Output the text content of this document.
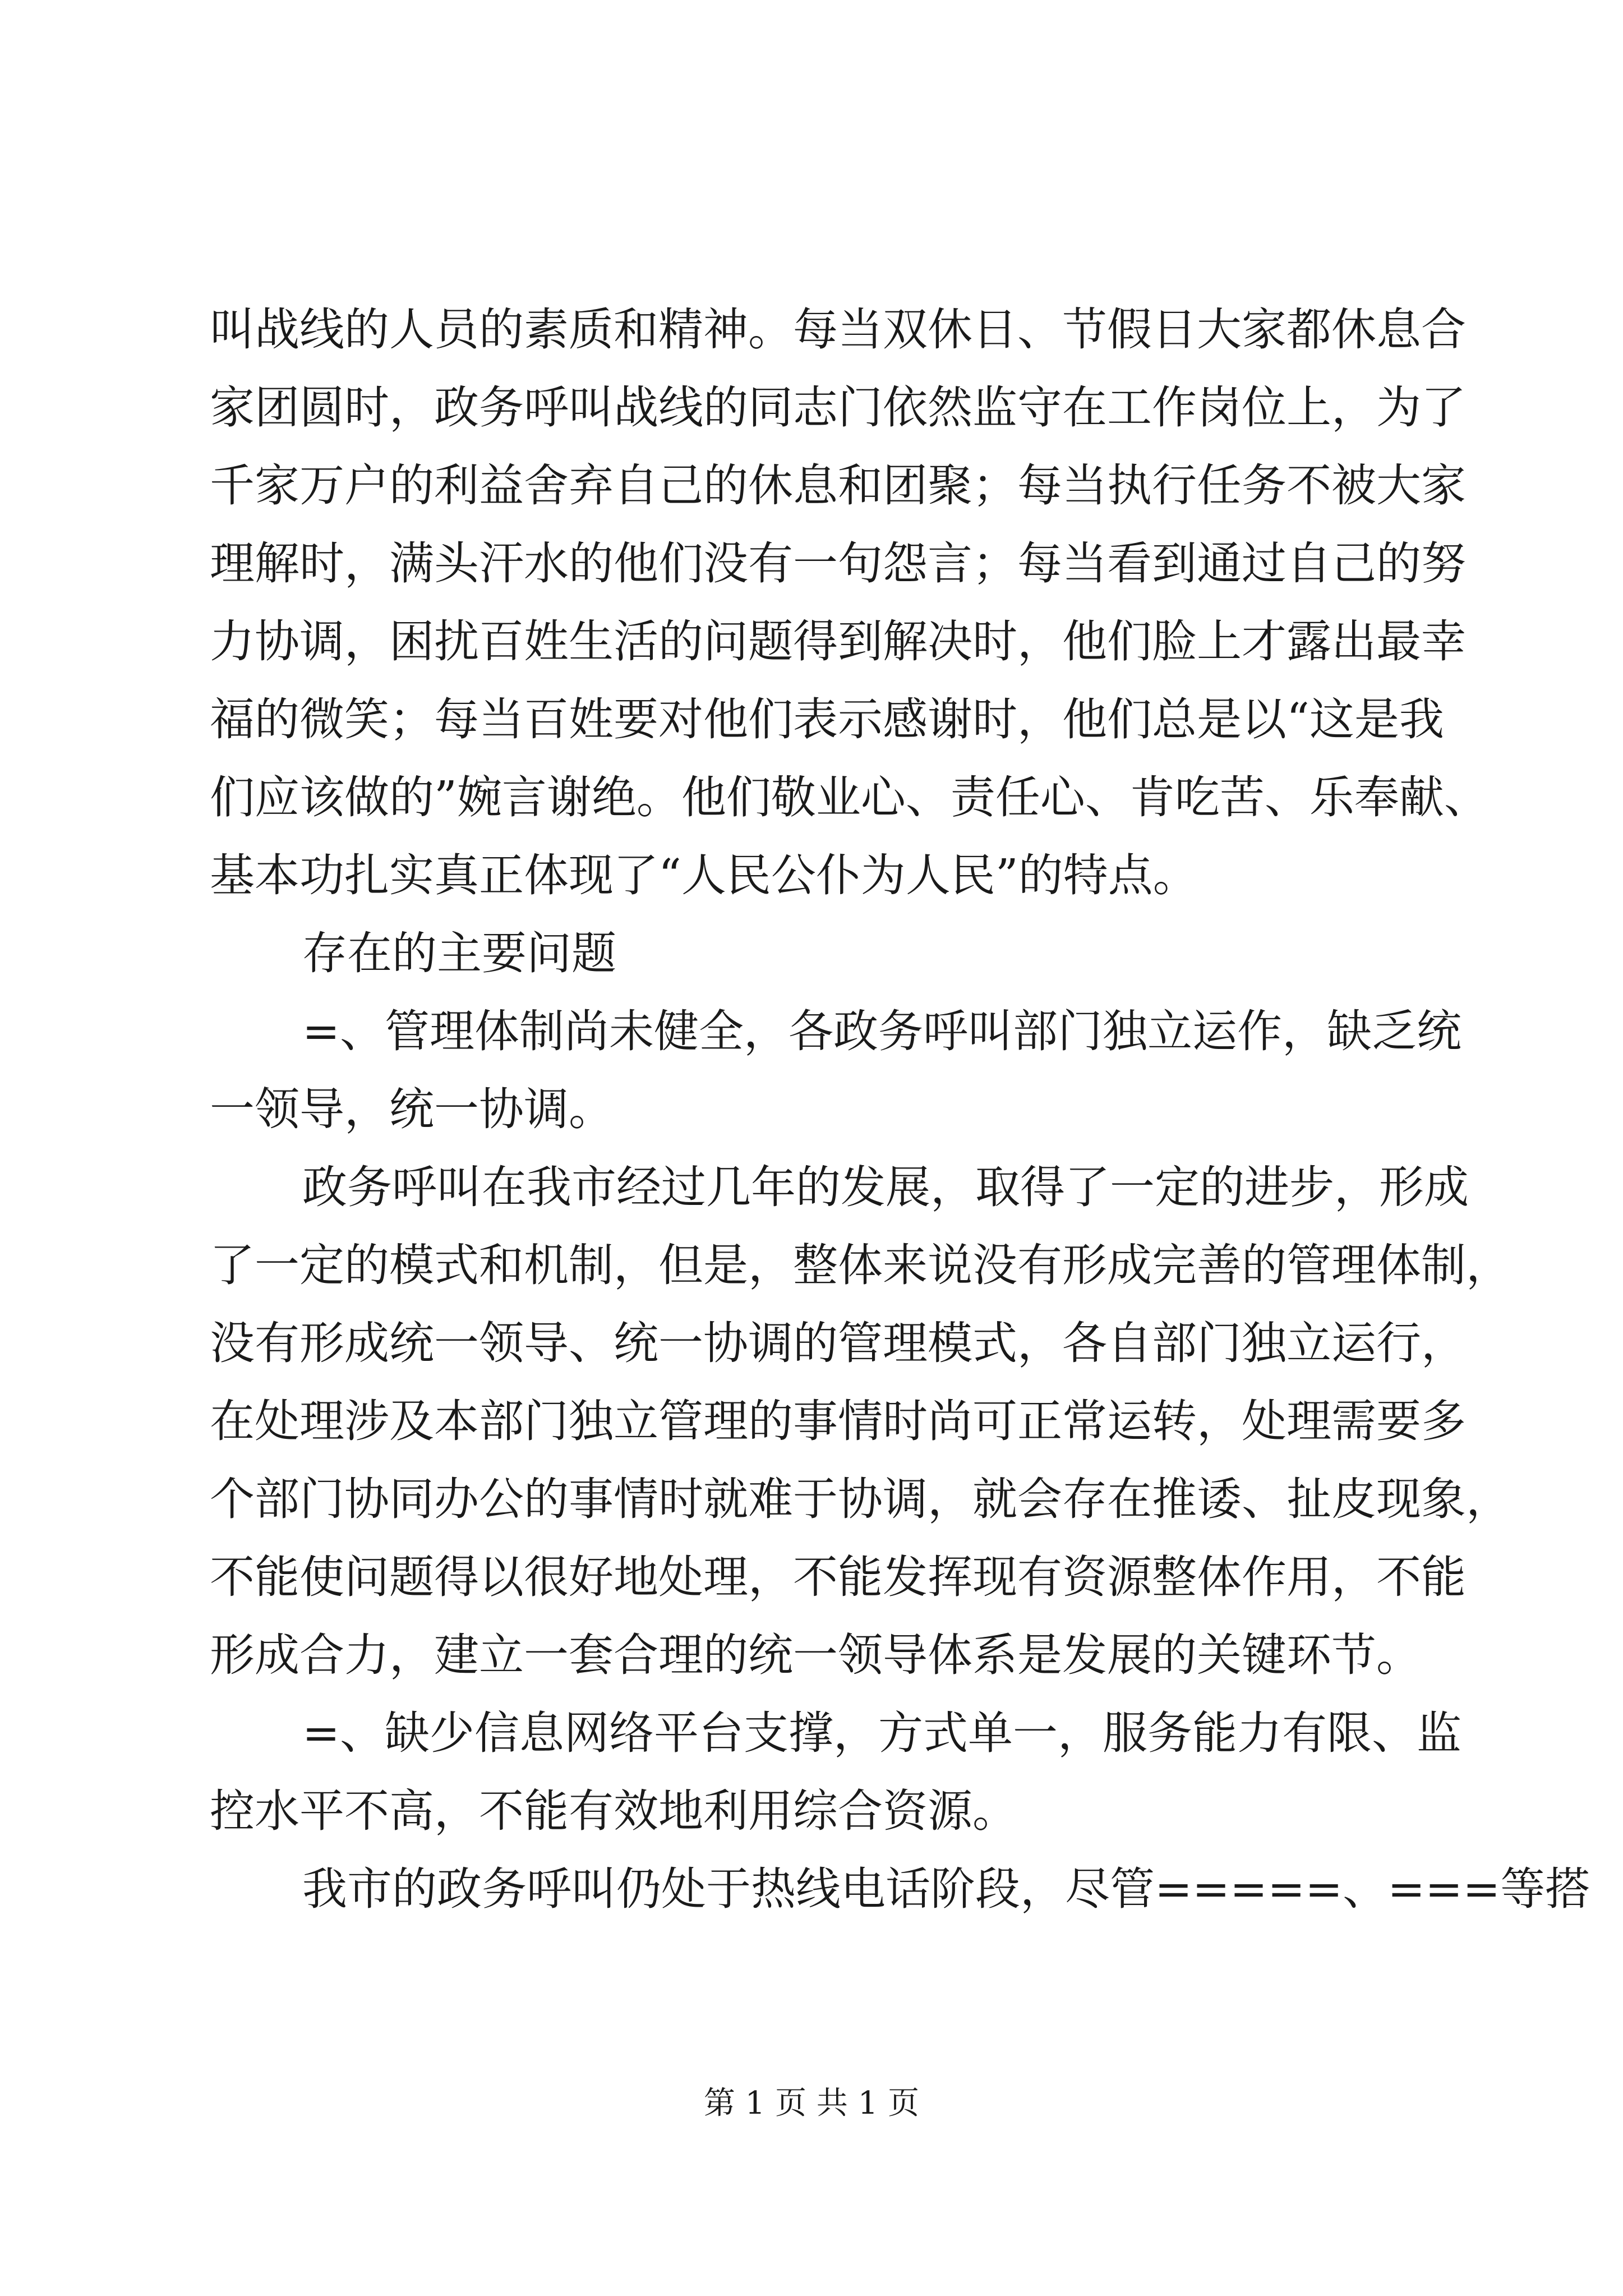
叫战线的人员的素质和精神。每当双休日、节假日大家都休息合
家团圆时，政务呼叫战线的同志门依然监守在工作岗位上，为了
千家万户的利益舍弃自己的休息和团聚；每当执行任务不被大家
理解时，满头汗水的他们没有一句怨言；每当看到通过自己的努
力协调，困扰百姓生活的问题得到解决时，他们脸上才露出最幸
福的微笑；每当百姓要对他们表示感谢时，他们总是以“这是我
们应该做的”婉言谢绝。他们敬业心、责任心、肯吃苦、乐奉献、
基本功扎实真正体现了“人民公仆为人民”的特点。
存在的主要问题
=、管理体制尚未健全，各政务呼叫部门独立运作，缺乏统
一领导，统一协调。
政务呼叫在我市经过几年的发展，取得了一定的进步，形成
了一定的模式和机制，但是，整体来说没有形成完善的管理体制，
没有形成统一领导、统一协调的管理模式，各自部门独立运行，
在处理涉及本部门独立管理的事情时尚可正常运转，处理需要多
个部门协同办公的事情时就难于协调，就会存在推诿、扯皮现象，
不能使问题得以很好地处理，不能发挥现有资源整体作用，不能
形成合力，建立一套合理的统一领导体系是发展的关键环节。
=、缺少信息网络平台支撑，方式单一，服务能力有限、监
控水平不高，不能有效地利用综合资源。
我市的政务呼叫仍处于热线电话阶段，尽管=====、===等搭
第 1 页 共 1 页
